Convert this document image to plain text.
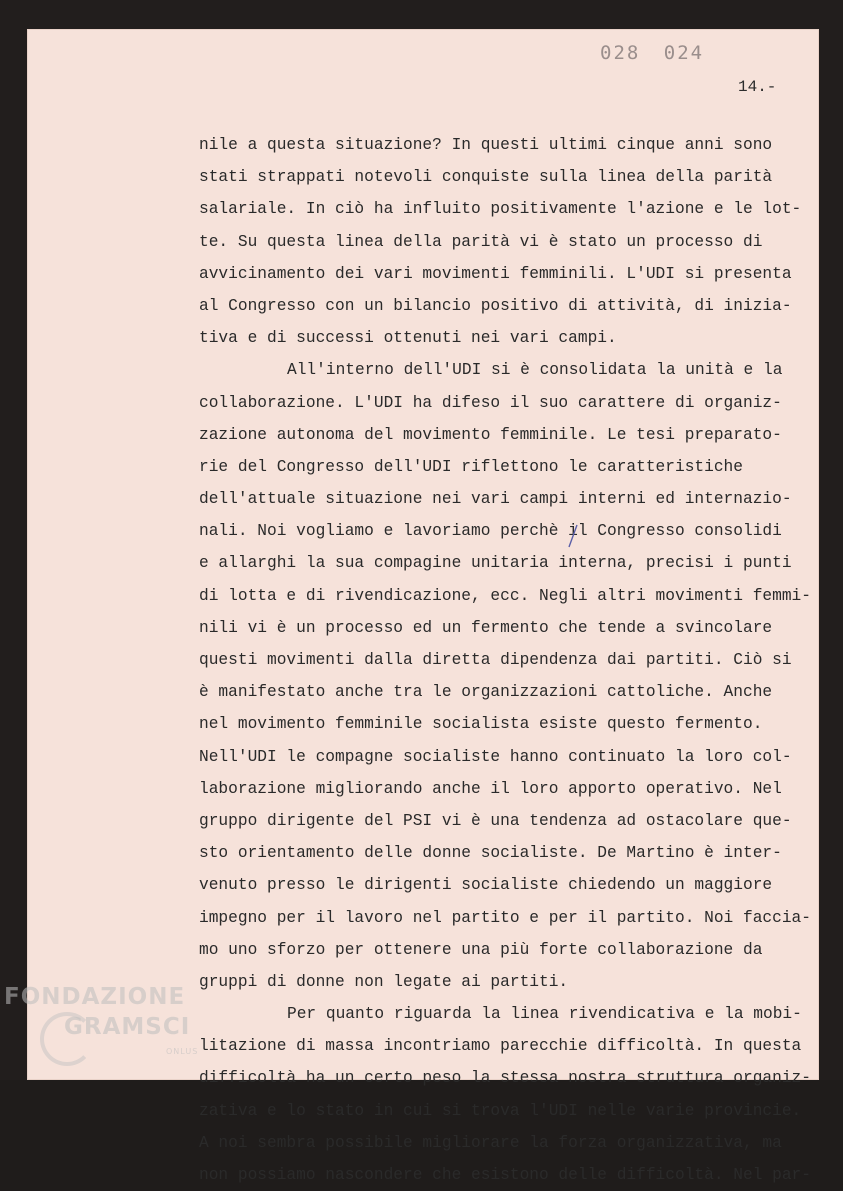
028 024
14.-
nile a questa situazione? In questi ultimi cinque anni sono
stati strappati notevoli conquiste sulla linea della parità
salariale. In ciò ha influito positivamente l'azione e le lot-
te. Su questa linea della parità vi è stato un processo di
avvicinamento dei vari movimenti femminili. L'UDI si presenta
al Congresso con un bilancio positivo di attività, di inizia-
tiva e di successi ottenuti nei vari campi.
All'interno dell'UDI si è consolidata la unità e la
collaborazione. L'UDI ha difeso il suo carattere di organiz-
zazione autonoma del movimento femminile. Le tesi preparato-
rie del Congresso dell'UDI riflettono le caratteristiche
dell'attuale situazione nei vari campi interni ed internazio-
nali. Noi vogliamo e lavoriamo perchè il Congresso consolidi
e allarghi la sua compagine unitaria interna, precisi i punti
di lotta e di rivendicazione, ecc. Negli altri movimenti femmi-
nili vi è un processo ed un fermento che tende a svincolare
questi movimenti dalla diretta dipendenza dai partiti. Ciò si
è manifestato anche tra le organizzazioni cattoliche. Anche
nel movimento femminile socialista esiste questo fermento.
Nell'UDI le compagne socialiste hanno continuato la loro col-
laborazione migliorando anche il loro apporto operativo. Nel
gruppo dirigente del PSI vi è una tendenza ad ostacolare que-
sto orientamento delle donne socialiste. De Martino è inter-
venuto presso le dirigenti socialiste chiedendo un maggiore
impegno per il lavoro nel partito e per il partito. Noi faccia-
mo uno sforzo per ottenere una più forte collaborazione da
gruppi di donne non legate ai partiti.
Per quanto riguarda la linea rivendicativa e la mobi-
litazione di massa incontriamo parecchie difficoltà. In questa
difficoltà ha un certo peso la stessa nostra struttura organiz-
zativa e lo stato in cui si trova l'UDI nelle varie provincie.
A noi sembra possibile migliorare la forza organizzativa, ma
non possiamo nascondere che esistono delle difficoltà. Nel par-
FONDAZIONE
GRAMSCI
ONLUS
